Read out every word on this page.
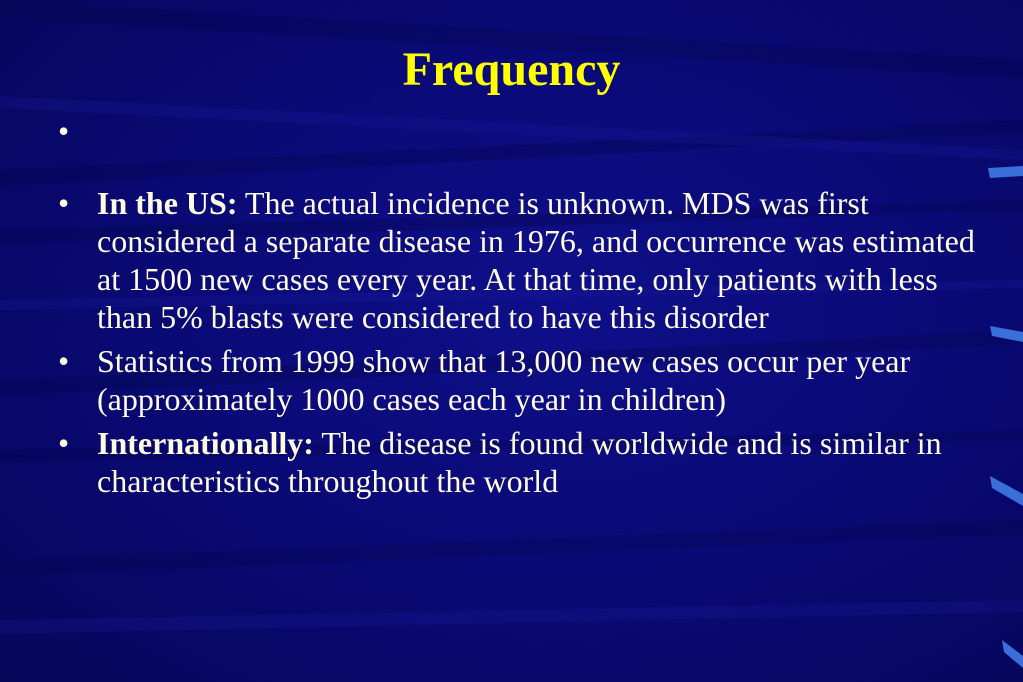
Frequency
•
• In the US: The actual incidence is unknown. MDS was first considered a separate disease in 1976, and occurrence was estimated at 1500 new cases every year. At that time, only patients with less than 5% blasts were considered to have this disorder
• Statistics from 1999 show that 13,000 new cases occur per year (approximately 1000 cases each year in children)
• Internationally: The disease is found worldwide and is similar in characteristics throughout the world
